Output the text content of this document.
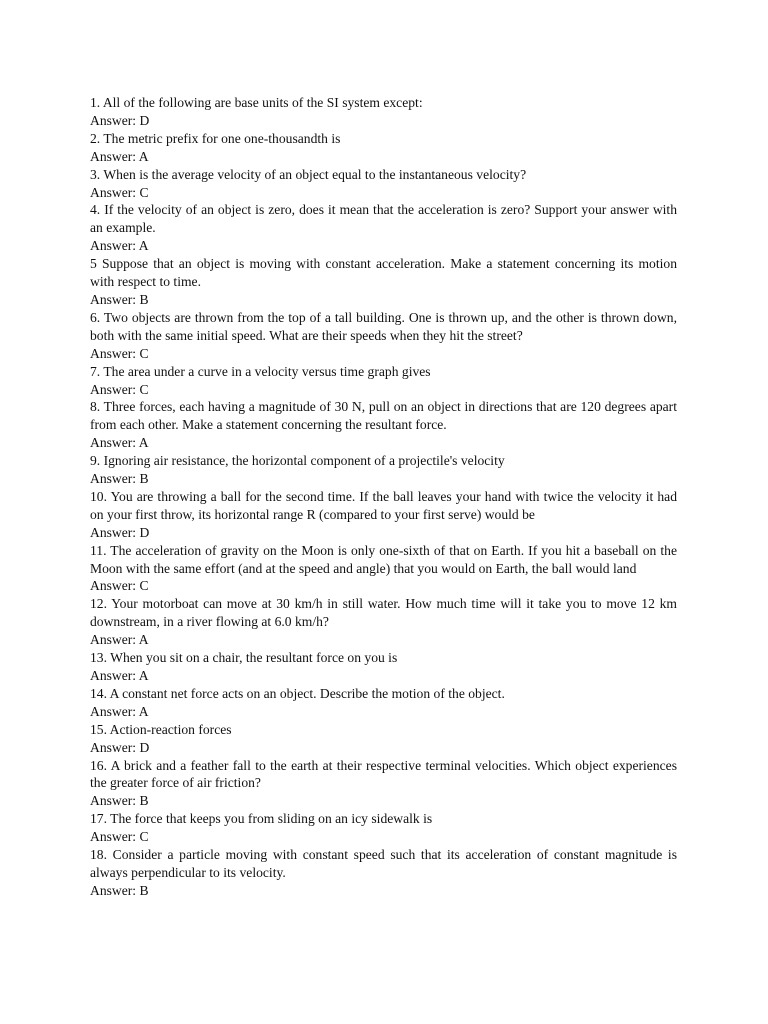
1. All of the following are base units of the SI system except:

Answer: D

2. The metric prefix for one one-thousandth is

Answer: A

3. When is the average velocity of an object equal to the instantaneous velocity?

Answer: C

4. If the velocity of an object is zero, does it mean that the acceleration is zero? Support your answer with an example.

Answer: A

5 Suppose that an object is moving with constant acceleration. Make a statement concerning its motion with respect to time.

Answer: B

6. Two objects are thrown from the top of a tall building. One is thrown up, and the other is thrown down, both with the same initial speed. What are their speeds when they hit the street?

Answer: C

7. The area under a curve in a velocity versus time graph gives

Answer: C

8. Three forces, each having a magnitude of 30 N, pull on an object in directions that are 120 degrees apart from each other. Make a statement concerning the resultant force.

Answer: A

9. Ignoring air resistance, the horizontal component of a projectile's velocity

Answer: B

10. You are throwing a ball for the second time. If the ball leaves your hand with twice the velocity it had on your first throw, its horizontal range R (compared to your first serve) would be

Answer: D

11. The acceleration of gravity on the Moon is only one-sixth of that on Earth. If you hit a baseball on the Moon with the same effort (and at the speed and angle) that you would on Earth, the ball would land

Answer: C

12. Your motorboat can move at 30 km/h in still water. How much time will it take you to move 12 km downstream, in a river flowing at 6.0 km/h?

Answer: A

13. When you sit on a chair, the resultant force on you is

Answer: A

14. A constant net force acts on an object. Describe the motion of the object.

Answer: A

15. Action-reaction forces

Answer: D

16. A brick and a feather fall to the earth at their respective terminal velocities. Which object experiences the greater force of air friction?

Answer: B

17. The force that keeps you from sliding on an icy sidewalk is

Answer: C

18. Consider a particle moving with constant speed such that its acceleration of constant magnitude is always perpendicular to its velocity.

Answer: B
